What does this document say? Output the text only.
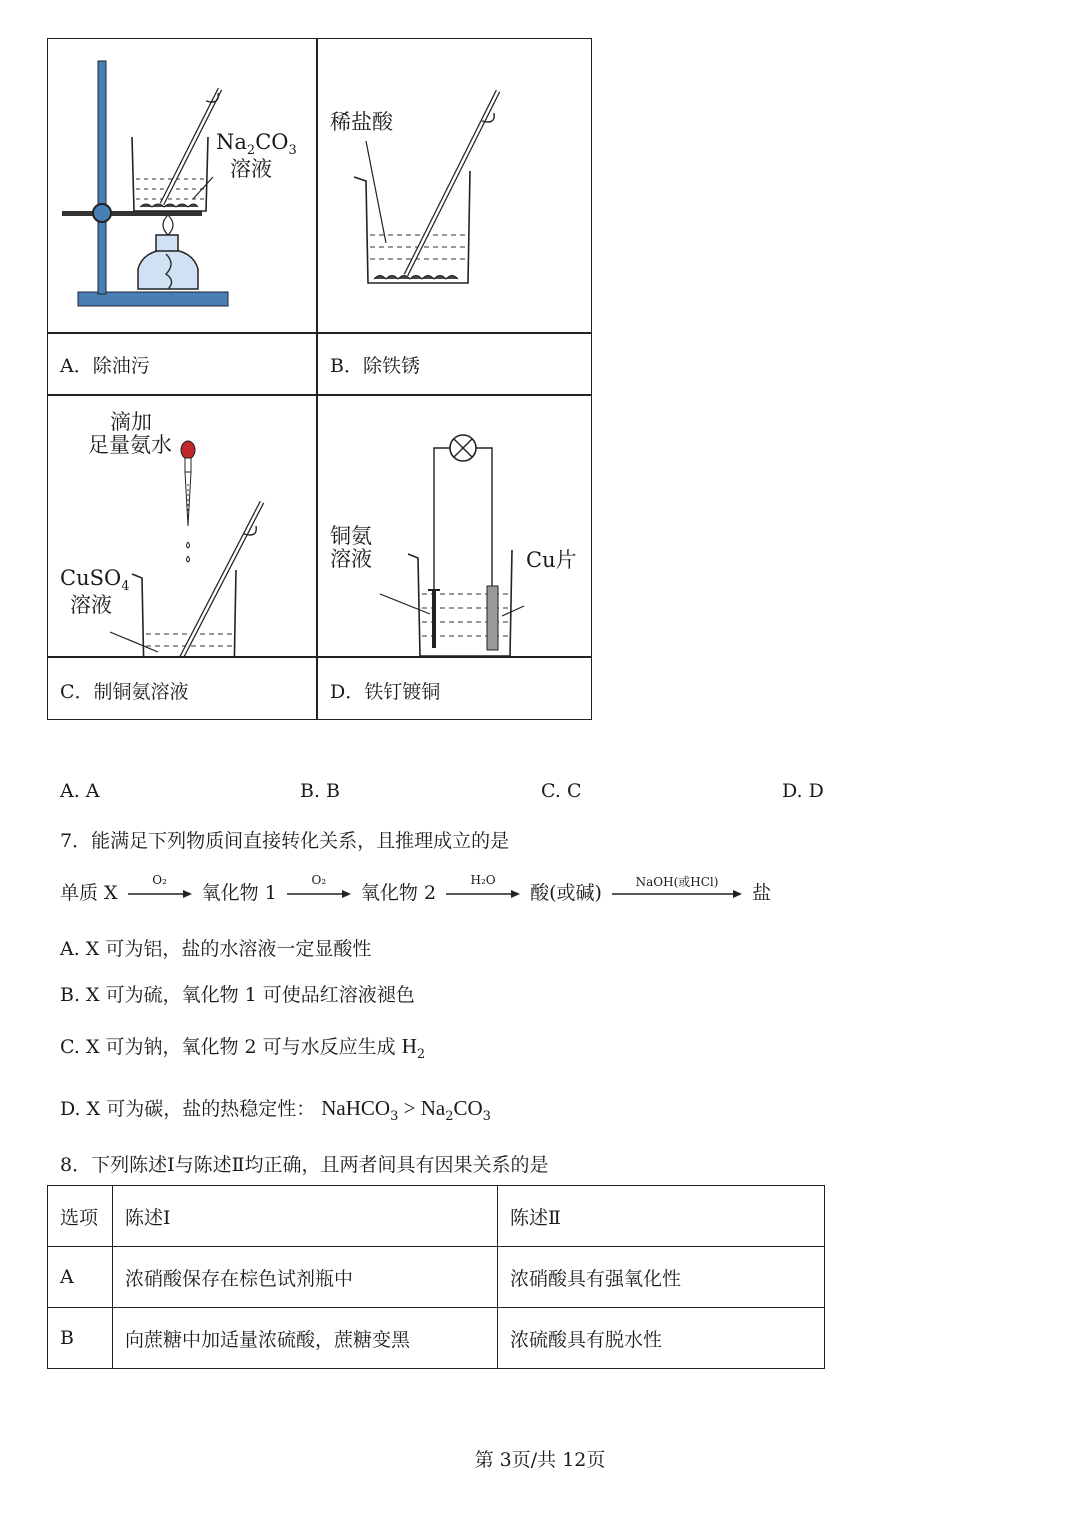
$Na_2CO_3$
溶液
A．除油污
稀盐酸
B．除铁锈
滴加
足量氨水
CuSO$_4$
溶液
C．制铜氨溶液
铜氨
溶液	Cu片
D．铁钉镀铜
A. A	B. B	C. C	D. D
7．能满足下列物质间直接转化关系，且推理成立的是
单质 X
O₂
氧化物 1
O₂
氧化物 2
H₂O
酸(或碱)	NaOH(或HCl)	盐
A. X 可为铝，盐的水溶液一定显酸性
B. X 可为硫，氧化物 1 可使品红溶液褪色
C. X 可为钠，氧化物 2 可与水反应生成 $H_2$
D. X 可为碳，盐的热稳定性： NaHCO$_3$ > $Na_2CO_3$
8．下列陈述Ⅰ与陈述Ⅱ均正确，且两者间具有因果关系的是
选项	陈述Ⅰ	陈述Ⅱ
A	浓硝酸保存在棕色试剂瓶中	浓硝酸具有强氧化性
B	向蔗糖中加适量浓硫酸，蔗糖变黑	浓硫酸具有脱水性
第 3页/共 12页
